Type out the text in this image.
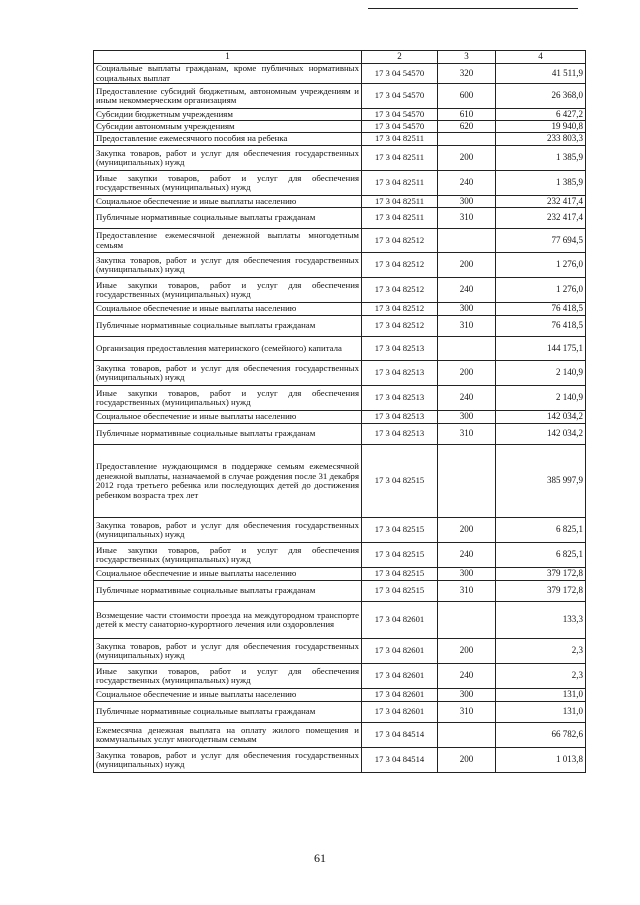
1	2	3	4
Социальные выплаты гражданам, кроме публичных нормативных социальных выплат	17 3 04 54570	320	41 511,9
Предоставление субсидий бюджетным, автономным учреждениям и иным некоммерческим организациям	17 3 04 54570	600	26 368,0
Субсидии бюджетным учреждениям	17 3 04 54570	610	6 427,2
Субсидии автономным учреждениям	17 3 04 54570	620	19 940,8
Предоставление ежемесячного пособия на ребенка	17 3 04 82511		233 803,3
Закупка товаров, работ и услуг для обеспечения государственных (муниципальных) нужд	17 3 04 82511	200	1 385,9
Иные закупки товаров, работ и услуг для обеспечения государственных (муниципальных) нужд	17 3 04 82511	240	1 385,9
Социальное обеспечение и иные выплаты населению	17 3 04 82511	300	232 417,4
Публичные нормативные социальные выплаты гражданам	17 3 04 82511	310	232 417,4
Предоставление ежемесячной денежной выплаты многодетным семьям	17 3 04 82512		77 694,5
Закупка товаров, работ и услуг для обеспечения государственных (муниципальных) нужд	17 3 04 82512	200	1 276,0
Иные закупки товаров, работ и услуг для обеспечения государственных (муниципальных) нужд	17 3 04 82512	240	1 276,0
Социальное обеспечение и иные выплаты населению	17 3 04 82512	300	76 418,5
Публичные нормативные социальные выплаты гражданам	17 3 04 82512	310	76 418,5
Организация предоставления материнского (семейного) капитала	17 3 04 82513		144 175,1
Закупка товаров, работ и услуг для обеспечения государственных (муниципальных) нужд	17 3 04 82513	200	2 140,9
Иные закупки товаров, работ и услуг для обеспечения государственных (муниципальных) нужд	17 3 04 82513	240	2 140,9
Социальное обеспечение и иные выплаты населению	17 3 04 82513	300	142 034,2
Публичные нормативные социальные выплаты гражданам	17 3 04 82513	310	142 034,2
Предоставление нуждающимся в поддержке семьям ежемесячной денежной выплаты, назначаемой в случае рождения после 31 декабря 2012 года третьего ребенка или последующих детей до достижения ребенком возраста трех лет	17 3 04 82515		385 997,9
Закупка товаров, работ и услуг для обеспечения государственных (муниципальных) нужд	17 3 04 82515	200	6 825,1
Иные закупки товаров, работ и услуг для обеспечения государственных (муниципальных) нужд	17 3 04 82515	240	6 825,1
Социальное обеспечение и иные выплаты населению	17 3 04 82515	300	379 172,8
Публичные нормативные социальные выплаты гражданам	17 3 04 82515	310	379 172,8
Возмещение части стоимости проезда на междугородном транспорте детей к месту санаторно-курортного лечения или оздоровления	17 3 04 82601		133,3
Закупка товаров, работ и услуг для обеспечения государственных (муниципальных) нужд	17 3 04 82601	200	2,3
Иные закупки товаров, работ и услуг для обеспечения государственных (муниципальных) нужд	17 3 04 82601	240	2,3
Социальное обеспечение и иные выплаты населению	17 3 04 82601	300	131,0
Публичные нормативные социальные выплаты гражданам	17 3 04 82601	310	131,0
Ежемесячна денежная выплата на оплату жилого помещения и коммунальных услуг многодетным семьям	17 3 04 84514		66 782,6
Закупка товаров, работ и услуг для обеспечения государственных (муниципальных) нужд	17 3 04 84514	200	1 013,8
61
